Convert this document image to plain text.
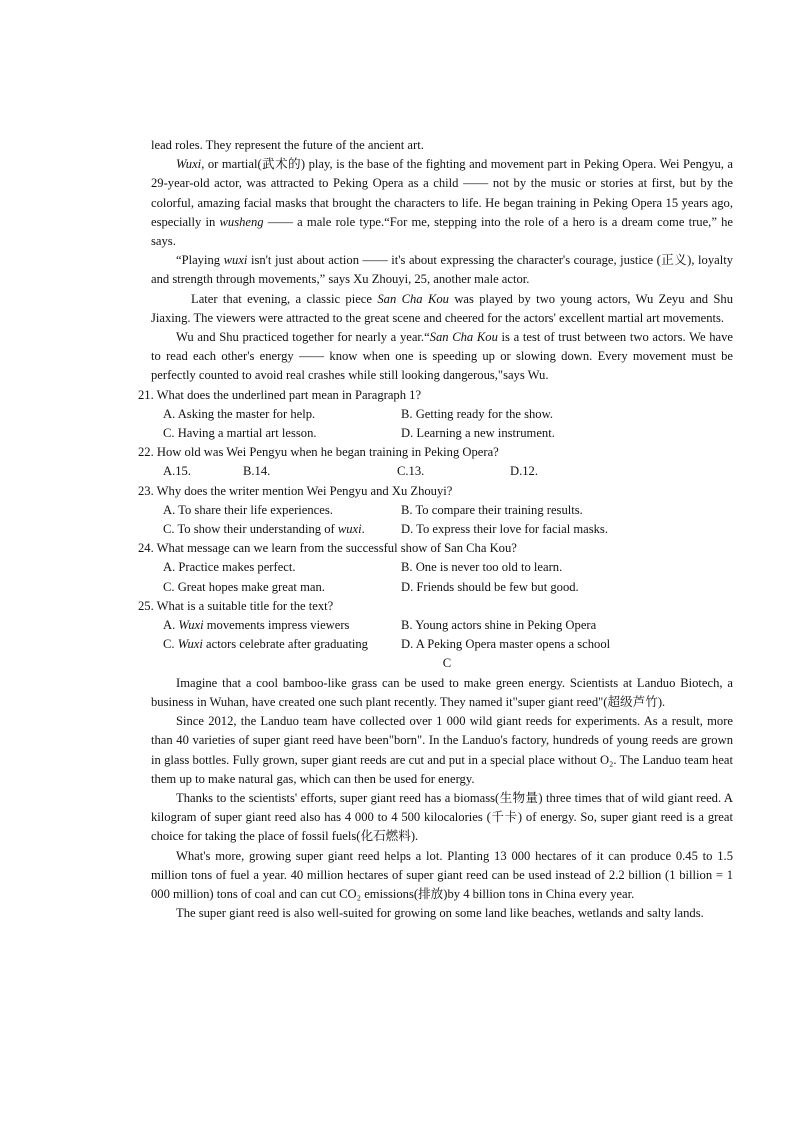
lead roles. They represent the future of the ancient art.

Wuxi, or martial(武术的) play, is the base of the fighting and movement part in Peking Opera. Wei Pengyu, a 29-year-old actor, was attracted to Peking Opera as a child —— not by the music or stories at first, but by the colorful, amazing facial masks that brought the characters to life. He began training in Peking Opera 15 years ago, especially in wusheng —— a male role type.“For me, stepping into the role of a hero is a dream come true,” he says.

“Playing wuxi isn't just about action —— it's about expressing the character's courage, justice (正义), loyalty and strength through movements,” says Xu Zhouyi, 25, another male actor.

Later that evening, a classic piece San Cha Kou was played by two young actors, Wu Zeyu and Shu Jiaxing. The viewers were attracted to the great scene and cheered for the actors' excellent martial art movements.

Wu and Shu practiced together for nearly a year.“San Cha Kou is a test of trust between two actors. We have to read each other's energy —— know when one is speeding up or slowing down. Every movement must be perfectly counted to avoid real crashes while still looking dangerous,"says Wu.

21. What does the underlined part mean in Paragraph 1?
A. Asking the master for help.	B. Getting ready for the show.
C. Having a martial art lesson.	D. Learning a new instrument.
22. How old was Wei Pengyu when he began training in Peking Opera?
A.15.	B.14.	C.13.	D.12.
23. Why does the writer mention Wei Pengyu and Xu Zhouyi?
A. To share their life experiences.	B. To compare their training results.
C. To show their understanding of wuxi.	D. To express their love for facial masks.
24. What message can we learn from the successful show of San Cha Kou?
A. Practice makes perfect.	B. One is never too old to learn.
C. Great hopes make great man.	D. Friends should be few but good.
25. What is a suitable title for the text?
A. Wuxi movements impress viewers	B. Young actors shine in Peking Opera
C. Wuxi actors celebrate after graduating	D. A Peking Opera master opens a school
C

Imagine that a cool bamboo-like grass can be used to make green energy. Scientists at Landuo Biotech, a business in Wuhan, have created one such plant recently. They named it"super giant reed"(超级芦竹).

Since 2012, the Landuo team have collected over 1 000 wild giant reeds for experiments. As a result, more than 40 varieties of super giant reed have been"born". In the Landuo's factory, hundreds of young reeds are grown in glass bottles. Fully grown, super giant reeds are cut and put in a special place without O₂. The Landuo team heat them up to make natural gas, which can then be used for energy.

Thanks to the scientists' efforts, super giant reed has a biomass(生物量) three times that of wild giant reed. A kilogram of super giant reed also has 4 000 to 4 500 kilocalories (千卡) of energy. So, super giant reed is a great choice for taking the place of fossil fuels(化石燃料).

What's more, growing super giant reed helps a lot. Planting 13 000 hectares of it can produce 0.45 to 1.5 million tons of fuel a year. 40 million hectares of super giant reed can be used instead of 2.2 billion (1 billion = 1 000 million) tons of coal and can cut CO₂ emissions(排放)by 4 billion tons in China every year.

The super giant reed is also well-suited for growing on some land like beaches, wetlands and salty lands.
